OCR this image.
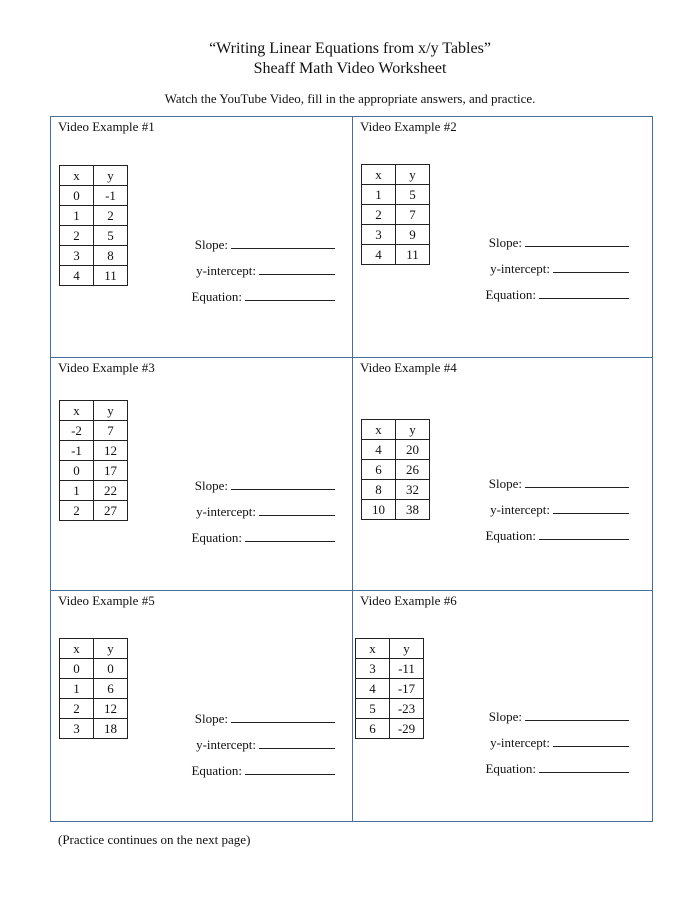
“Writing Linear Equations from x/y Tables”
Sheaff Math Video Worksheet
Watch the YouTube Video, fill in the appropriate answers, and practice.
Video Example #1
x	y
0	-1
1	2
2	5
3	8
4	11
Slope:
y-intercept:
Equation:
Video Example #2
x	y
1	5
2	7
3	9
4	11
Slope:
y-intercept:
Equation:
Video Example #3
x	y
-2	7
-1	12
0	17
1	22
2	27
Slope:
y-intercept:
Equation:
Video Example #4
x	y
4	20
6	26
8	32
10	38
Slope:
y-intercept:
Equation:
Video Example #5
x	y
0	0
1	6
2	12
3	18
Slope:
y-intercept:
Equation:
Video Example #6
x	y
3	-11
4	-17
5	-23
6	-29
Slope:
y-intercept:
Equation:
(Practice continues on the next page)
